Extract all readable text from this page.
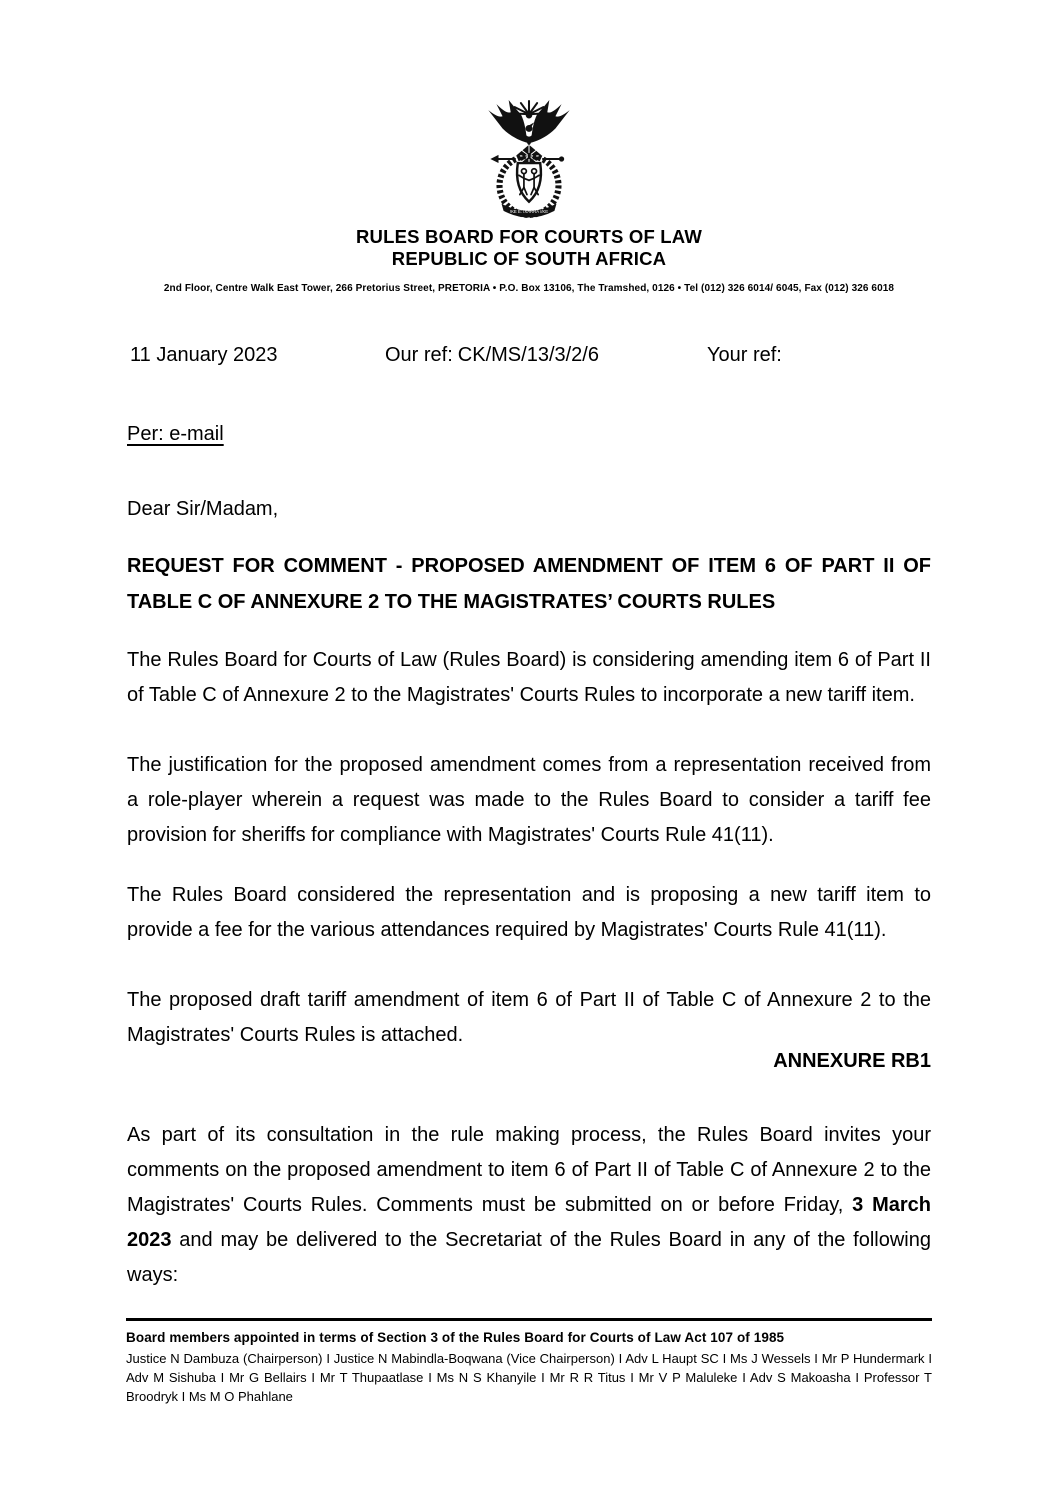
!KE E: /XARRA //KE
RULES BOARD FOR COURTS OF LAW
REPUBLIC OF SOUTH AFRICA
2nd Floor, Centre Walk East Tower, 266 Pretorius Street, PRETORIA • P.O. Box 13106, The Tramshed, 0126 • Tel (012) 326 6014/ 6045, Fax (012) 326 6018
11 January 2023	Our ref: CK/MS/13/3/2/6	Your ref:
Per: e-mail
Dear Sir/Madam,
REQUEST FOR COMMENT - PROPOSED AMENDMENT OF ITEM 6 OF PART II OF
TABLE C OF ANNEXURE 2 TO THE MAGISTRATES’ COURTS RULES

The Rules Board for Courts of Law (Rules Board) is considering amending item 6 of Part II of Table C of Annexure 2 to the Magistrates' Courts Rules to incorporate a new tariff item.

The justification for the proposed amendment comes from a representation received from a role-player wherein a request was made to the Rules Board to consider a tariff fee provision for sheriffs for compliance with Magistrates' Courts Rule 41(11).

The Rules Board considered the representation and is proposing a new tariff item to provide a fee for the various attendances required by Magistrates' Courts Rule 41(11).

The proposed draft tariff amendment of item 6 of Part II of Table C of Annexure 2 to the Magistrates' Courts Rules is attached.

ANNEXURE RB1

As part of its consultation in the rule making process, the Rules Board invites your comments on the proposed amendment to item 6 of Part II of Table C of Annexure 2 to the Magistrates' Courts Rules. Comments must be submitted on or before Friday, 3 March 2023 and may be delivered to the Secretariat of the Rules Board in any of the following ways:

Board members appointed in terms of Section 3 of the Rules Board for Courts of Law Act 107 of 1985
Justice N Dambuza (Chairperson) I Justice N Mabindla-Boqwana (Vice Chairperson) I Adv L Haupt SC I Ms J Wessels I Mr P Hundermark I Adv M Sishuba I Mr G Bellairs I Mr T Thupaatlase I Ms N S Khanyile I Mr R R Titus I Mr V P Maluleke I Adv S Makoasha I Professor T Broodryk I Ms M O Phahlane
